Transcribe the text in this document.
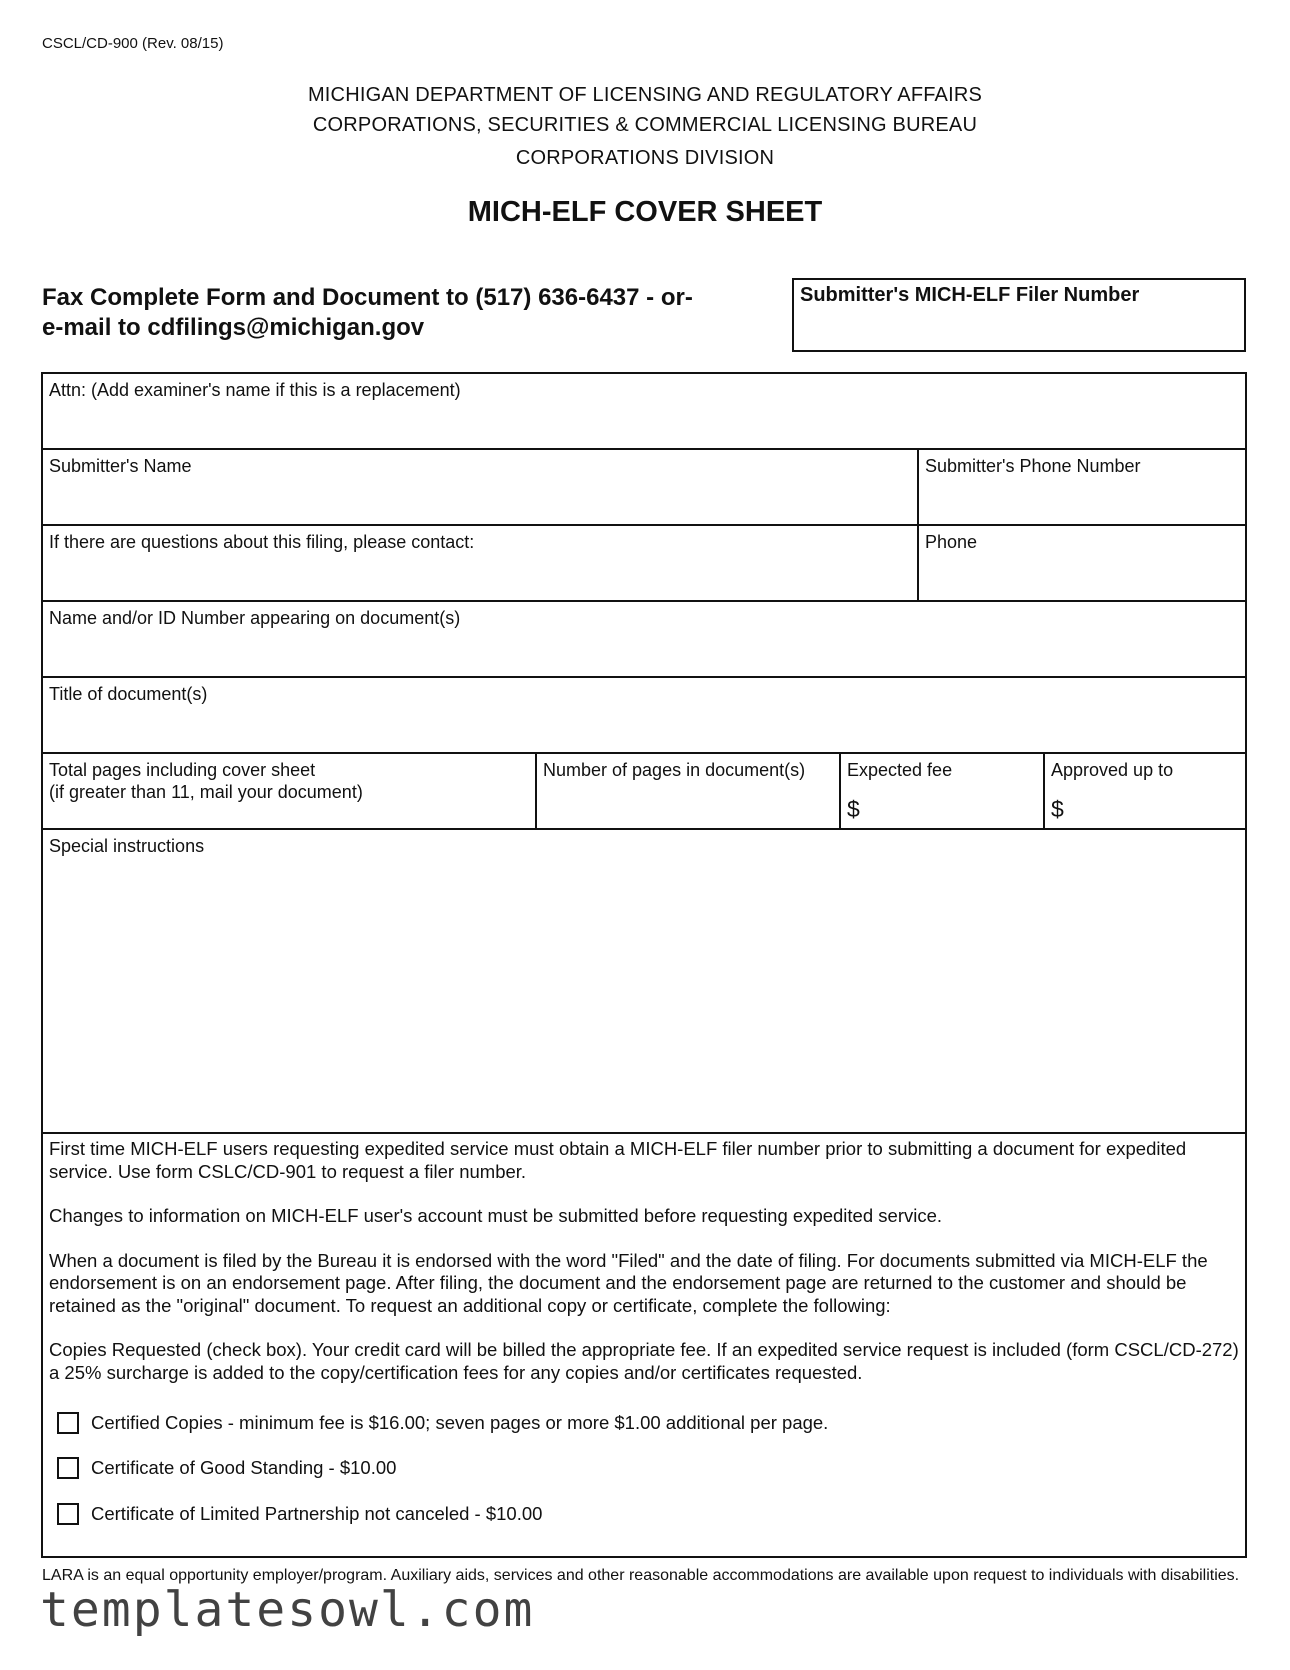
CSCL/CD-900 (Rev. 08/15)
MICHIGAN DEPARTMENT OF LICENSING AND REGULATORY AFFAIRS
CORPORATIONS, SECURITIES & COMMERCIAL LICENSING BUREAU
CORPORATIONS DIVISION
MICH-ELF COVER SHEET
Fax Complete Form and Document to (517) 636-6437 - or-
e-mail to cdfilings@michigan.gov
Submitter's MICH-ELF Filer Number
Attn: (Add examiner's name if this is a replacement)
Submitter's Name	Submitter's Phone Number
If there are questions about this filing, please contact:	Phone
Name and/or ID Number appearing on document(s)
Title of document(s)
Total pages including cover sheet
(if greater than 11, mail your document)
Number of pages in document(s) Expected fee
$
Approved up to
$
Special instructions

First time MICH-ELF users requesting expedited service must obtain a MICH-ELF filer number prior to submitting a document for expedited service. Use form CSLC/CD-901 to request a filer number.

Changes to information on MICH-ELF user's account must be submitted before requesting expedited service.

When a document is filed by the Bureau it is endorsed with the word "Filed" and the date of filing. For documents submitted via MICH-ELF the endorsement is on an endorsement page. After filing, the document and the endorsement page are returned to the customer and should be retained as the "original" document. To request an additional copy or certificate, complete the following:

Copies Requested (check box). Your credit card will be billed the appropriate fee. If an expedited service request is included (form CSCL/CD-272) a 25% surcharge is added to the copy/certification fees for any copies and/or certificates requested.

Certified Copies - minimum fee is $16.00; seven pages or more $1.00 additional per page.
Certificate of Good Standing - $10.00
Certificate of Limited Partnership not canceled - $10.00
LARA is an equal opportunity employer/program. Auxiliary aids, services and other reasonable accommodations are available upon request to individuals with disabilities.
templatesowl.com
